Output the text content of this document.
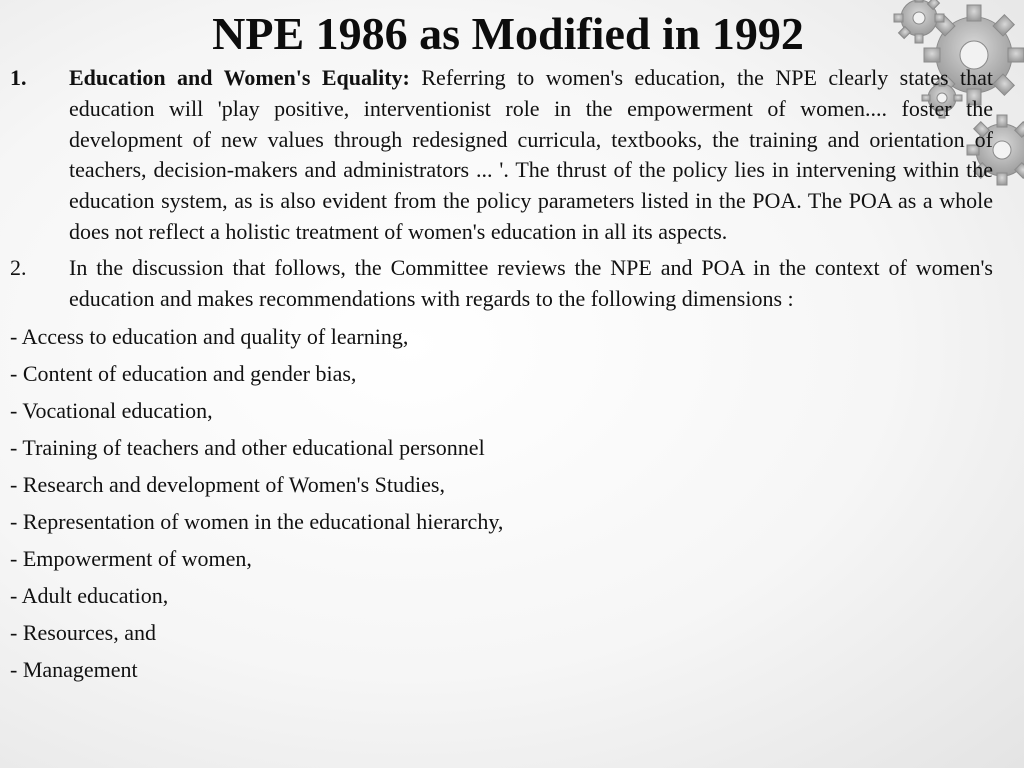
NPE 1986 as Modified in 1992

1. Education and Women's Equality: Referring to women's education, the NPE clearly states that education will 'play positive, interventionist role in the empowerment of women.... foster the development of new values through redesigned curricula, textbooks, the training and orientation of teachers, decision-makers and administrators ... '. The thrust of the policy lies in intervening within the education system, as is also evident from the policy parameters listed in the POA. The POA as a whole does not reflect a holistic treatment of women's education in all its aspects.

2. In the discussion that follows, the Committee reviews the NPE and POA in the context of women's education and makes recommendations with regards to the following dimensions :

- Access to education and quality of learning,

- Content of education and gender bias,

- Vocational education,

- Training of teachers and other educational personnel

- Research and development of Women's Studies,

- Representation of women in the educational hierarchy,

- Empowerment of women,

- Adult education,

- Resources, and

- Management
